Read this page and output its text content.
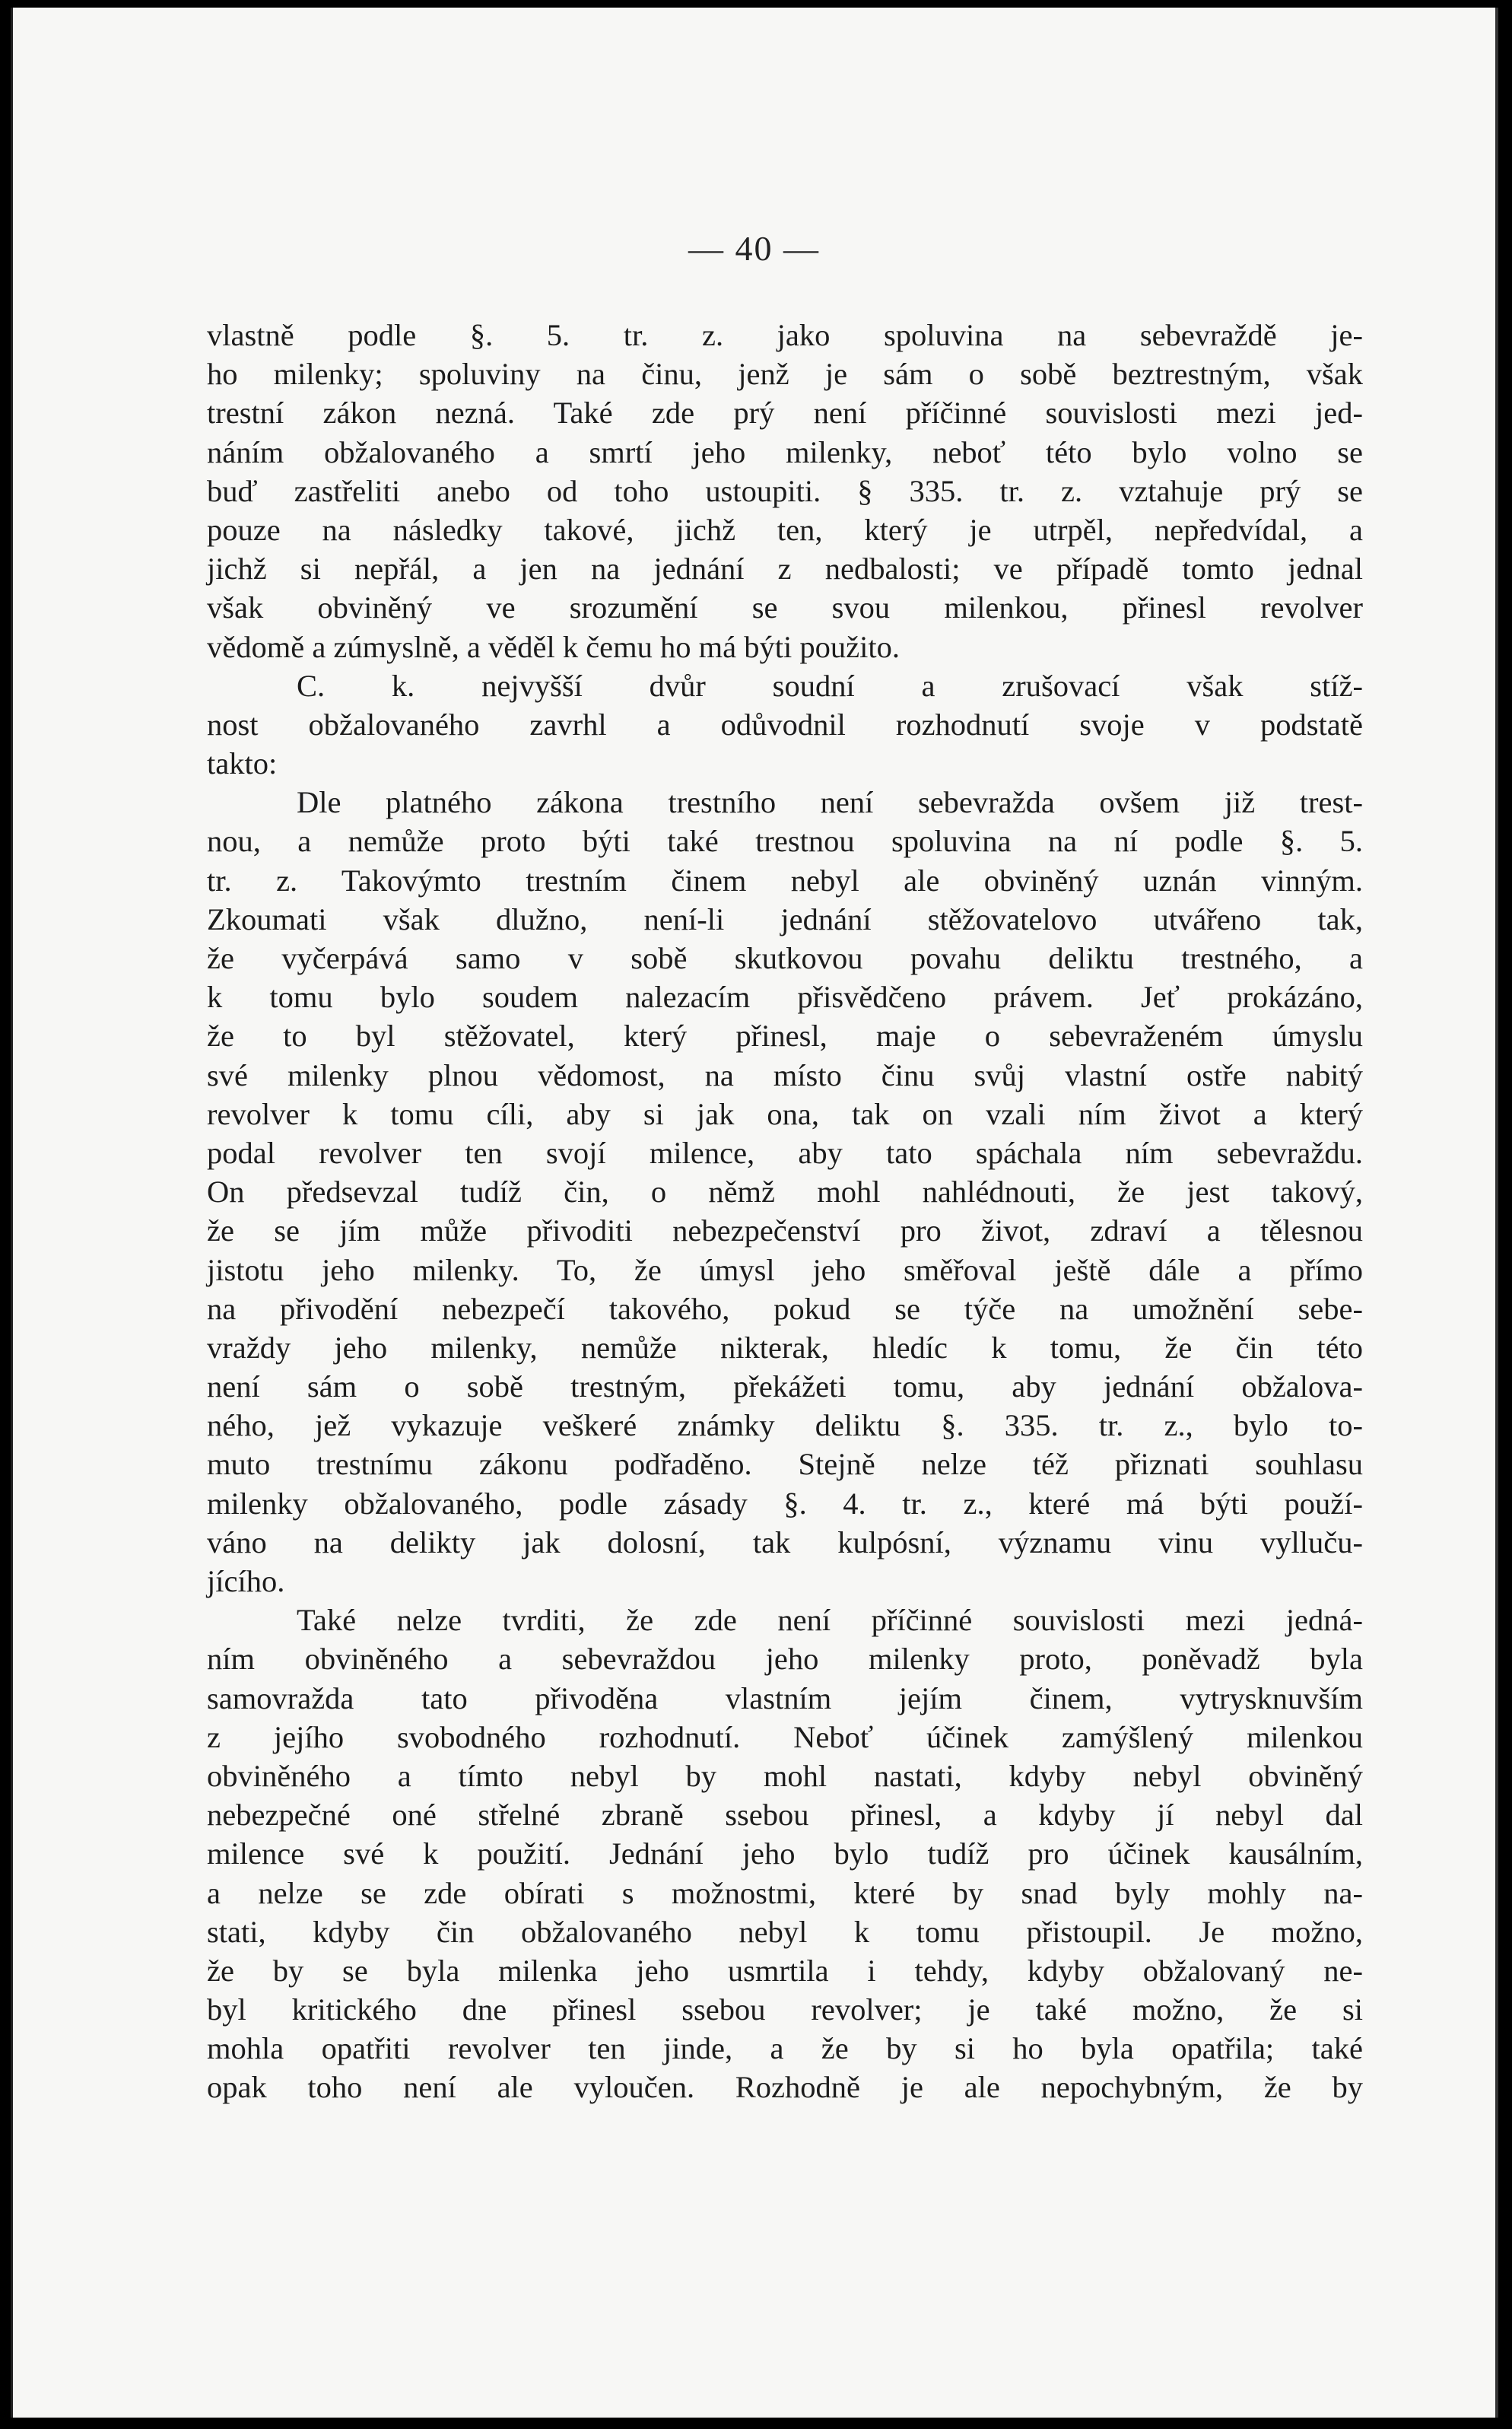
— 40 —
vlastně podle §. 5. tr. z. jako spoluvina na sebevraždě je-
ho milenky; spoluviny na činu, jenž je sám o sobě beztrestným, však
trestní zákon nezná. Také zde prý není příčinné souvislosti mezi jed-
náním obžalovaného a smrtí jeho milenky, neboť této bylo volno se
buď zastřeliti anebo od toho ustoupiti. § 335. tr. z. vztahuje prý se
pouze na následky takové, jichž ten, který je utrpěl, nepředvídal, a
jichž si nepřál, a jen na jednání z nedbalosti; ve případě tomto jednal
však obviněný ve srozumění se svou milenkou, přinesl revolver
vědomě a zúmyslně, a věděl k čemu ho má býti použito.
C. k. nejvyšší dvůr soudní a zrušovací však stíž-
nost obžalovaného zavrhl a odůvodnil rozhodnutí svoje v podstatě
takto:
Dle platného zákona trestního není sebevražda ovšem již trest-
nou, a nemůže proto býti také trestnou spoluvina na ní podle §. 5.
tr. z. Takovýmto trestním činem nebyl ale obviněný uznán vinným.
Zkoumati však dlužno, není-li jednání stěžovatelovo utvářeno tak,
že vyčerpává samo v sobě skutkovou povahu deliktu trestného, a
k tomu bylo soudem nalezacím přisvědčeno právem. Jeť prokázáno,
že to byl stěžovatel, který přinesl, maje o sebevraženém úmyslu
své milenky plnou vědomost, na místo činu svůj vlastní ostře nabitý
revolver k tomu cíli, aby si jak ona, tak on vzali ním život a který
podal revolver ten svojí milence, aby tato spáchala ním sebevraždu.
On předsevzal tudíž čin, o němž mohl nahlédnouti, že jest takový,
že se jím může přivoditi nebezpečenství pro život, zdraví a tělesnou
jistotu jeho milenky. To, že úmysl jeho směřoval ještě dále a přímo
na přivodění nebezpečí takového, pokud se týče na umožnění sebe-
vraždy jeho milenky, nemůže nikterak, hledíc k tomu, že čin této
není sám o sobě trestným, překážeti tomu, aby jednání obžalova-
ného, jež vykazuje veškeré známky deliktu §. 335. tr. z., bylo to-
muto trestnímu zákonu podřaděno. Stejně nelze též přiznati souhlasu
milenky obžalovaného, podle zásady §. 4. tr. z., které má býti použí-
váno na delikty jak dolosní, tak kulpósní, významu vinu vylluču-
jícího.
Také nelze tvrditi, že zde není příčinné souvislosti mezi jedná-
ním obviněného a sebevraždou jeho milenky proto, poněvadž byla
samovražda tato přivoděna vlastním jejím činem, vytrysknuvším
z jejího svobodného rozhodnutí. Neboť účinek zamýšlený milenkou
obviněného a tímto nebyl by mohl nastati, kdyby nebyl obviněný
nebezpečné oné střelné zbraně ssebou přinesl, a kdyby jí nebyl dal
milence své k použití. Jednání jeho bylo tudíž pro účinek kausálním,
a nelze se zde obírati s možnostmi, které by snad byly mohly na-
stati, kdyby čin obžalovaného nebyl k tomu přistoupil. Je možno,
že by se byla milenka jeho usmrtila i tehdy, kdyby obžalovaný ne-
byl kritického dne přinesl ssebou revolver; je také možno, že si
mohla opatřiti revolver ten jinde, a že by si ho byla opatřila; také
opak toho není ale vyloučen. Rozhodně je ale nepochybným, že by
